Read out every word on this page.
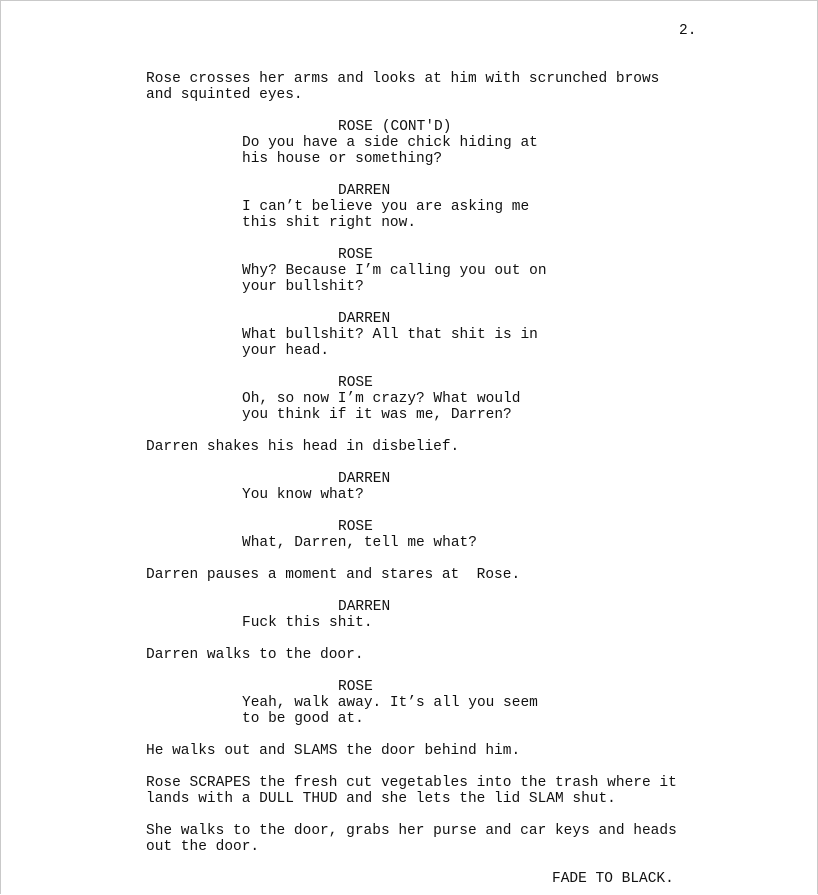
2.
Rose crosses her arms and looks at him with scrunched brows
and squinted eyes.
ROSE (CONT'D)
Do you have a side chick hiding at
his house or something?
DARREN
I can’t believe you are asking me
this shit right now.
ROSE
Why? Because I’m calling you out on
your bullshit?
DARREN
What bullshit? All that shit is in
your head.
ROSE
Oh, so now I’m crazy? What would
you think if it was me, Darren?
Darren shakes his head in disbelief.
DARREN
You know what?
ROSE
What, Darren, tell me what?
Darren pauses a moment and stares at  Rose.
DARREN
Fuck this shit.
Darren walks to the door.
ROSE
Yeah, walk away. It’s all you seem
to be good at.
He walks out and SLAMS the door behind him.
Rose SCRAPES the fresh cut vegetables into the trash where it
lands with a DULL THUD and she lets the lid SLAM shut.
She walks to the door, grabs her purse and car keys and heads
out the door.
FADE TO BLACK.
